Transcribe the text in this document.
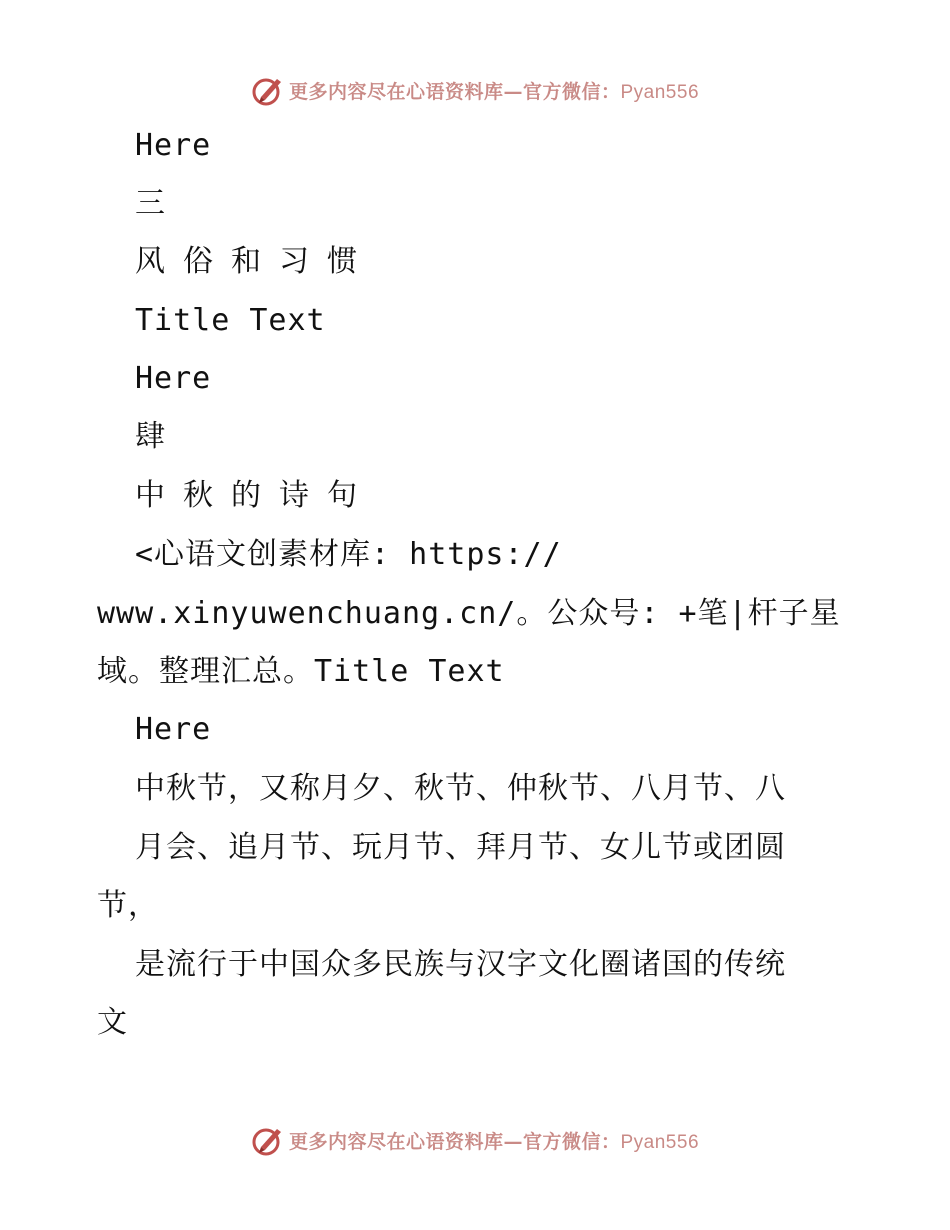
更多内容尽在心语资料库—官方微信：Pyan556
Here
三
风俗和习惯
Title Text
Here
肆
中秋的诗句
<心语文创素材库: https://
www.xinyuwenchuang.cn/。公众号: +笔|杆子星
域。整理汇总。Title Text
Here
中秋节，又称月夕、秋节、仲秋节、八月节、八
月会、追月节、玩月节、拜月节、女儿节或团圆
节，
是流行于中国众多民族与汉字文化圈诸国的传统
文
更多内容尽在心语资料库—官方微信：Pyan556
